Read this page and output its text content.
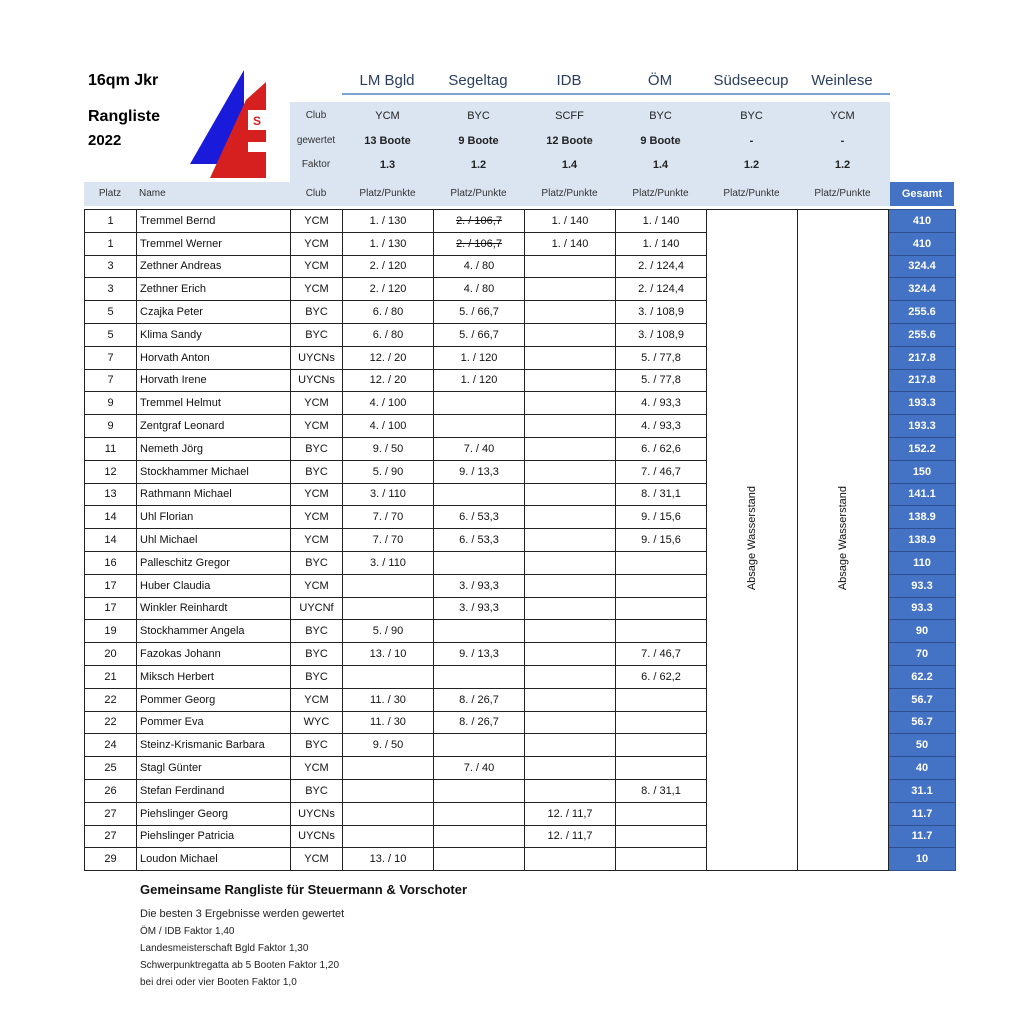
16qm Jkr
Rangliste
2022
S
LM Bgld	Segeltag	IDB	ÖM	Südseecup	Weinlese
Club	YCM	BYC	SCFF	BYC	BYC	YCM
gewertet	13 Boote	9 Boote	12 Boote	9 Boote	-	-
Faktor	1.3	1.2	1.4	1.4	1.2	1.2
Platz	Name	Club	Platz/Punkte	Platz/Punkte	Platz/Punkte	Platz/Punkte	Platz/Punkte	Platz/Punkte	Gesamt
1	Tremmel Bernd	YCM	1. / 130	2. / 106,7	1. / 140	1. / 140	Absage Wasserstand	Absage Wasserstand	410
1	Tremmel Werner	YCM	1. / 130	2. / 106,7	1. / 140	1. / 140			410
3	Zethner Andreas	YCM	2. / 120	4. / 80		2. / 124,4			324.4
3	Zethner Erich	YCM	2. / 120	4. / 80		2. / 124,4			324.4
5	Czajka Peter	BYC	6. / 80	5. / 66,7		3. / 108,9			255.6
5	Klima Sandy	BYC	6. / 80	5. / 66,7		3. / 108,9			255.6
7	Horvath Anton	UYCNs	12. / 20	1. / 120		5. / 77,8			217.8
7	Horvath Irene	UYCNs	12. / 20	1. / 120		5. / 77,8			217.8
9	Tremmel Helmut	YCM	4. / 100			4. / 93,3			193.3
9	Zentgraf Leonard	YCM	4. / 100			4. / 93,3			193.3
11	Nemeth Jörg	BYC	9. / 50	7. / 40		6. / 62,6			152.2
12	Stockhammer Michael	BYC	5. / 90	9. / 13,3		7. / 46,7			150
13	Rathmann Michael	YCM	3. / 110			8. / 31,1			141.1
14	Uhl Florian	YCM	7. / 70	6. / 53,3		9. / 15,6			138.9
14	Uhl Michael	YCM	7. / 70	6. / 53,3		9. / 15,6			138.9
16	Palleschitz Gregor	BYC	3. / 110						110
17	Huber Claudia	YCM		3. / 93,3					93.3
17	Winkler Reinhardt	UYCNf		3. / 93,3					93.3
19	Stockhammer Angela	BYC	5. / 90						90
20	Fazokas Johann	BYC	13. / 10	9. / 13,3		7. / 46,7			70
21	Miksch Herbert	BYC				6. / 62,2			62.2
22	Pommer Georg	YCM	11. / 30	8. / 26,7					56.7
22	Pommer Eva	WYC	11. / 30	8. / 26,7					56.7
24	Steinz-Krismanic Barbara	BYC	9. / 50						50
25	Stagl Günter	YCM		7. / 40					40
26	Stefan Ferdinand	BYC				8. / 31,1			31.1
27	Piehslinger Georg	UYCNs			12. / 11,7				11.7
27	Piehslinger Patricia	UYCNs			12. / 11,7				11.7
29	Loudon Michael	YCM	13. / 10						10
Gemeinsame Rangliste für Steuermann & Vorschoter
Die besten 3 Ergebnisse werden gewertet
ÖM / IDB Faktor 1,40
Landesmeisterschaft Bgld Faktor 1,30
Schwerpunktregatta ab 5 Booten Faktor 1,20
bei drei oder vier Booten Faktor 1,0
